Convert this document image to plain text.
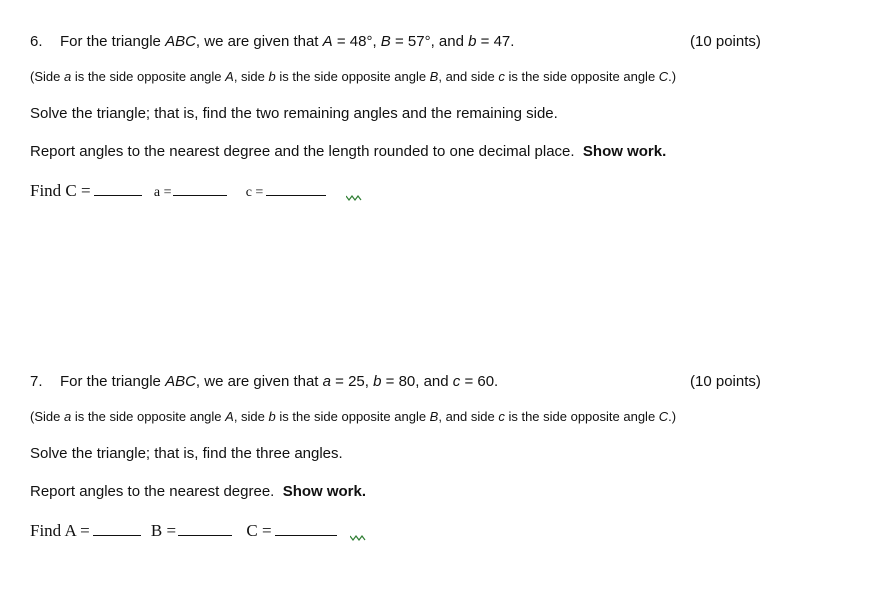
6. For the triangle ABC, we are given that A = 48°, B = 57°, and b = 47.	(10 points)
(Side a is the side opposite angle A, side b is the side opposite angle B, and side c is the side opposite angle C.)
Solve the triangle; that is, find the two remaining angles and the remaining side.
Report angles to the nearest degree and the length rounded to one decimal place. Show work.
Find C =	a =	c =
7. For the triangle ABC, we are given that a = 25, b = 80, and c = 60.	(10 points)
(Side a is the side opposite angle A, side b is the side opposite angle B, and side c is the side opposite angle C.)
Solve the triangle; that is, find the three angles.
Report angles to the nearest degree. Show work.
Find A =	B =	C =
